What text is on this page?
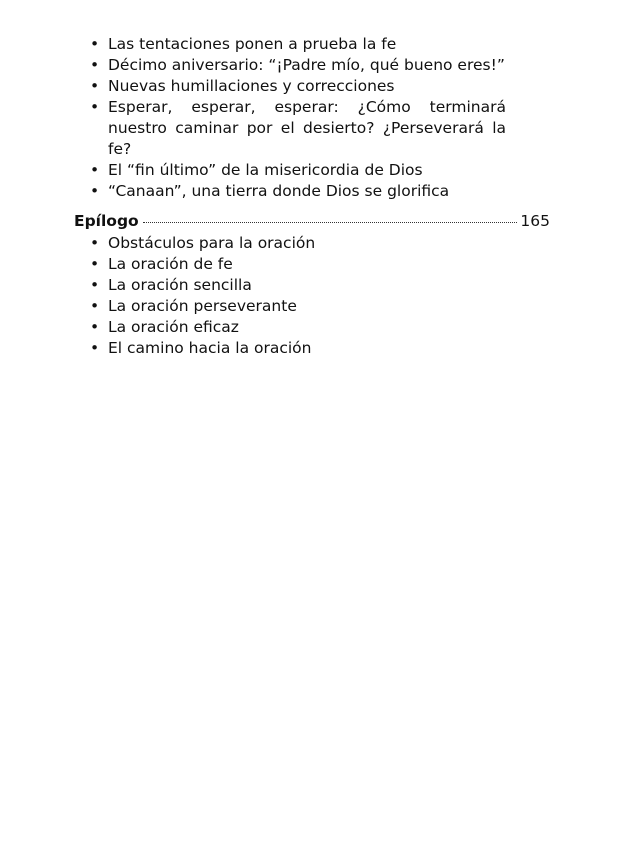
• Las tentaciones ponen a prueba la fe
• Décimo aniversario: “¡Padre mío, qué bueno eres!”
• Nuevas humillaciones y correcciones
• Esperar, esperar, esperar: ¿Cómo terminará nuestro caminar por el desierto? ¿Perseverará la fe?
• El “fin último” de la misericordia de Dios
• “Canaan”, una tierra donde Dios se glorifica
Epílogo	165
• Obstáculos para la oración
• La oración de fe
• La oración sencilla
• La oración perseverante
• La oración eficaz
• El camino hacia la oración
